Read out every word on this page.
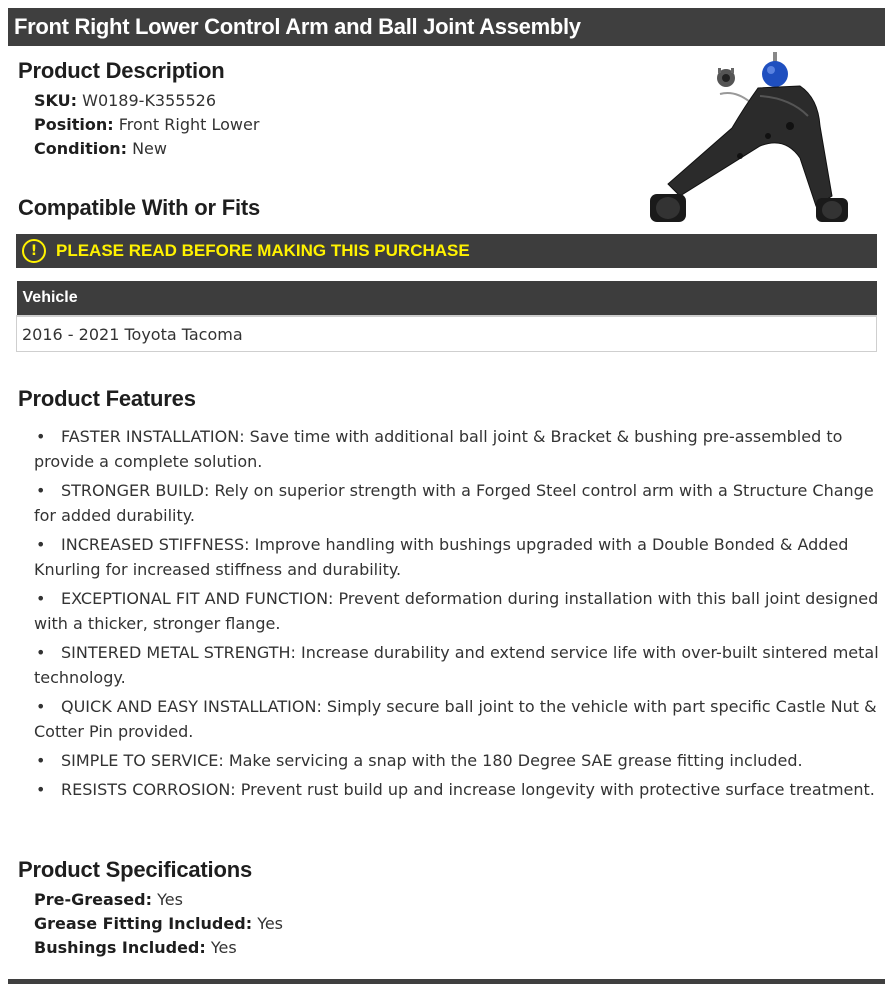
Front Right Lower Control Arm and Ball Joint Assembly
Product Description
SKU: W0189-K355526
Position: Front Right Lower
Condition: New
Compatible With or Fits
!	PLEASE READ BEFORE MAKING THIS PURCHASE
Vehicle
2016 - 2021 Toyota Tacoma
Product Features
• FASTER INSTALLATION: Save time with additional ball joint & Bracket & bushing pre-assembled to provide a complete solution.
• STRONGER BUILD: Rely on superior strength with a Forged Steel control arm with a Structure Change for added durability.
• INCREASED STIFFNESS: Improve handling with bushings upgraded with a Double Bonded & Added Knurling for increased stiffness and durability.
• EXCEPTIONAL FIT AND FUNCTION: Prevent deformation during installation with this ball joint designed with a thicker, stronger flange.
• SINTERED METAL STRENGTH: Increase durability and extend service life with over-built sintered metal technology.
• QUICK AND EASY INSTALLATION: Simply secure ball joint to the vehicle with part specific Castle Nut & Cotter Pin provided.
• SIMPLE TO SERVICE: Make servicing a snap with the 180 Degree SAE grease fitting included.
• RESISTS CORROSION: Prevent rust build up and increase longevity with protective surface treatment.
Product Specifications
Pre-Greased: Yes
Grease Fitting Included: Yes
Bushings Included: Yes
